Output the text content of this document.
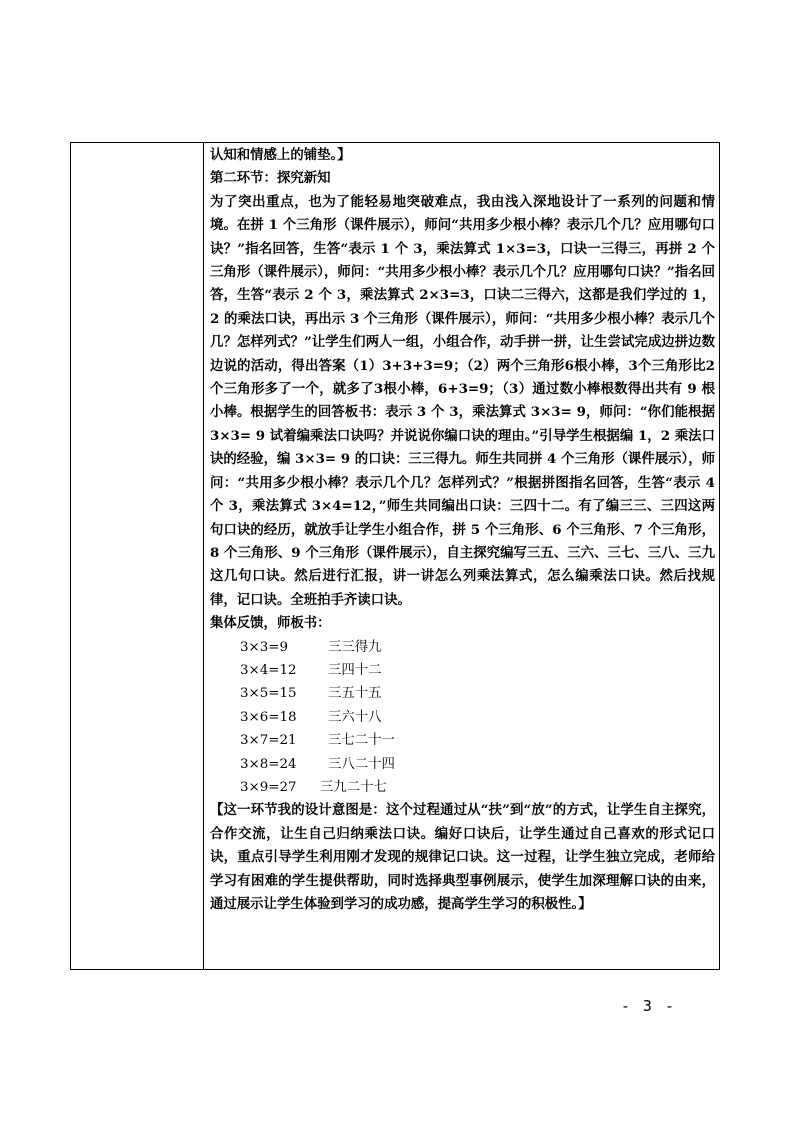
认知和情感上的铺垫。】

第二环节：探究新知

为了突出重点，也为了能轻易地突破难点，我由浅入深地设计了一系列的问题和情境。在拼 1 个三角形（课件展示），师问“共用多少根小棒？表示几个几？应用哪句口诀？”指名回答，生答“表示 1 个 3，乘法算式 1×3=3，口诀一三得三，再拼 2 个三角形（课件展示），师问：“共用多少根小棒？表示几个几？应用哪句口诀？”指名回答，生答“表示 2 个 3，乘法算式 2×3=3，口诀二三得六，这都是我们学过的 1，2 的乘法口诀，再出示 3 个三角形（课件展示），师问：“共用多少根小棒？表示几个几？怎样列式？”让学生们两人一组，小组合作，动手拼一拼，让生尝试完成边拼边数边说的活动，得出答案（1）3+3+3=9；（2）两个三角形6根小棒，3个三角形比2个三角形多了一个，就多了3根小棒，6+3=9；（3）通过数小棒根数得出共有 9 根小棒。根据学生的回答板书：表示 3 个 3，乘法算式 3×3= 9，师问：“你们能根据 3×3= 9 试着编乘法口诀吗？并说说你编口诀的理由。”引导学生根据编 1，2 乘法口诀的经验，编 3×3= 9 的口诀：三三得九。师生共同拼 4 个三角形（课件展示），师问：“共用多少根小棒？表示几个几？怎样列式？”根据拼图指名回答，生答“表示 4 个 3，乘法算式 3×4=12，”师生共同编出口诀：三四十二。有了编三三、三四这两句口诀的经历，就放手让学生小组合作，拼 5 个三角形、6 个三角形、7 个三角形，8 个三角形、9 个三角形（课件展示），自主探究编写三五、三六、三七、三八、三九这几句口诀。然后进行汇报，讲一讲怎么列乘法算式，怎么编乘法口诀。然后找规律，记口诀。全班拍手齐读口诀。

集体反馈，师板书：

3×3=9	三三得九
3×4=12 三四十二
3×5=15 三五十五
3×6=18 三六十八
3×7=21 三七二十一
3×8=24 三八二十四
3×9=27 三九二十七

【这一环节我的设计意图是：这个过程通过从“扶”到“放”的方式，让学生自主探究，合作交流，让生自己归纳乘法口诀。编好口诀后，让学生通过自己喜欢的形式记口诀，重点引导学生利用刚才发现的规律记口诀。这一过程，让学生独立完成，老师给学习有困难的学生提供帮助，同时选择典型事例展示，使学生加深理解口诀的由来，通过展示让学生体验到学习的成功感，提高学生学习的积极性。】

- 3 -
